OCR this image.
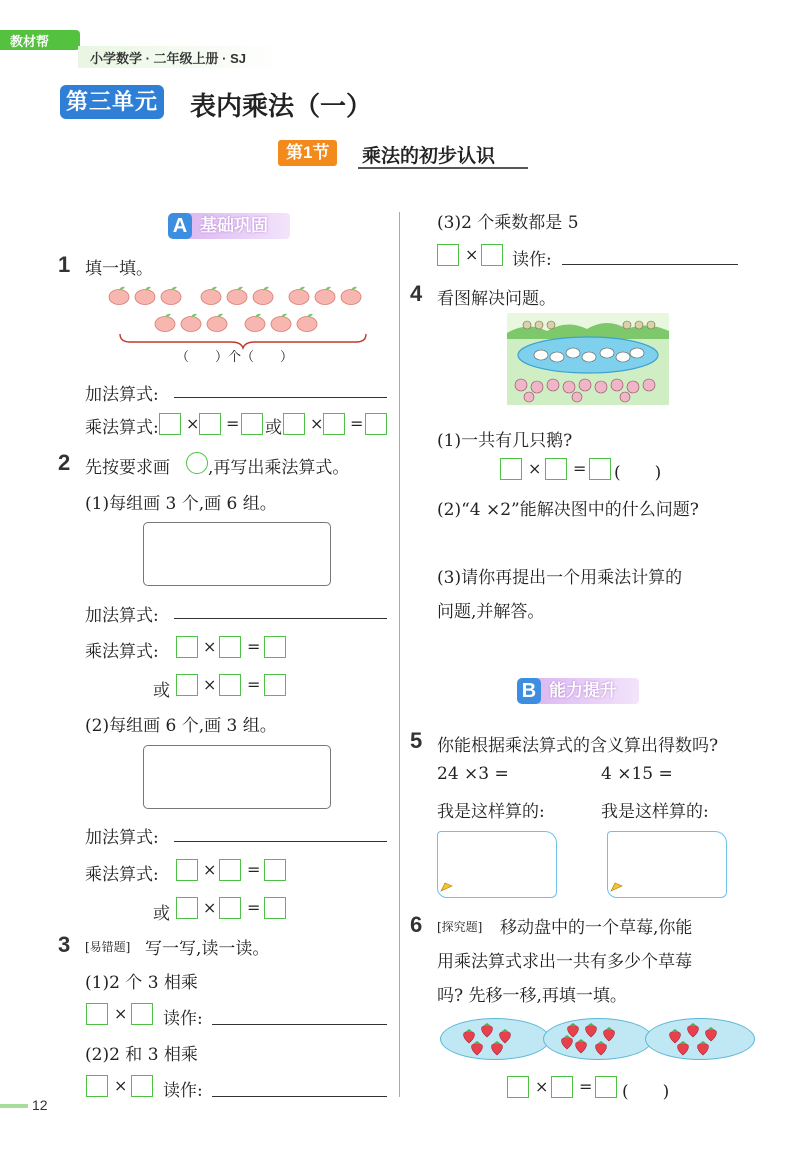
教材帮
小学数学 · 二年级上册 · SJ
第三单元 表内乘法（一）
第1节	乘法的初步认识
A 基础巩固
1 填一填。
（　　）个（　　）
加法算式:
乘法算式: × = 或 × =
2 先按要求画 ,再写出乘法算式。
(1)每组画 3 个,画 6 组。
加法算式:
乘法算式:	× =
或 × =
(2)每组画 6 个,画 3 组。
加法算式:
乘法算式:	× =
或 × =
3 [易错题] 写一写,读一读。
(1)2 个 3 相乘
× 读作:
(2)2 和 3 相乘
× 读作:
(3)2 个乘数都是 5
× 读作:
4 看图解决问题。
(1)一共有几只鹅?
× = (　　)
(2)“4 ×2”能解决图中的什么问题?
(3)请你再提出一个用乘法计算的
问题,并解答。
B 能力提升
5 你能根据乘法算式的含义算出得数吗?
24 ×3 =	4 ×15 =
我是这样算的:	我是这样算的:
6 [探究题] 移动盘中的一个草莓,你能
用乘法算式求出一共有多少个草莓
吗? 先移一移,再填一填。
× = (　　)
12
